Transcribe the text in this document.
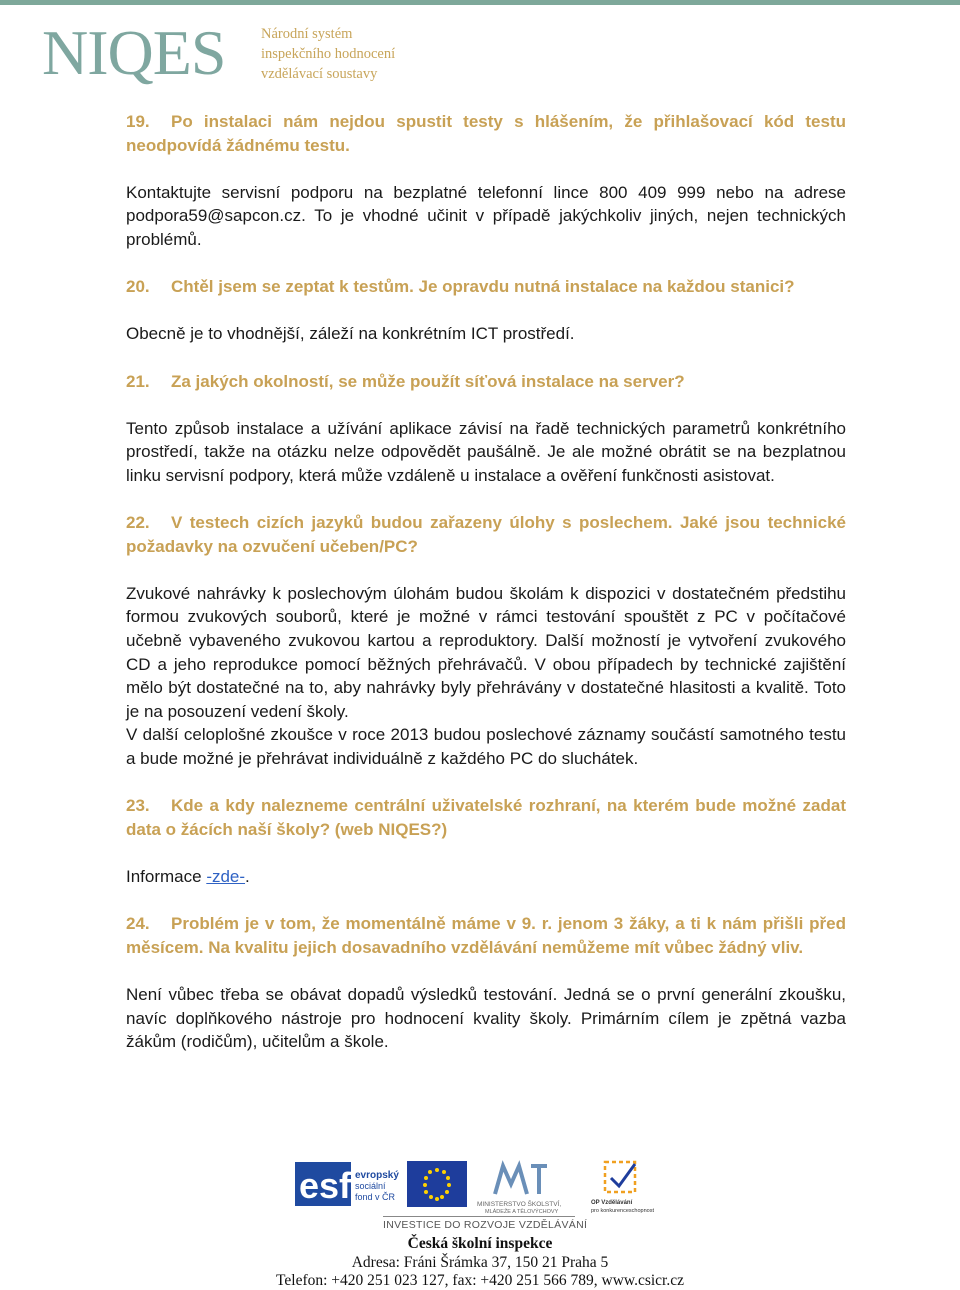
NIQES Národní systém
inspekčního hodnocení
vzdělávací soustavy

19. Po instalaci nám nejdou spustit testy s hlášením, že přihlašovací kód testu neodpovídá žádnému testu.

Kontaktujte servisní podporu na bezplatné telefonní lince 800 409 999 nebo na adrese podpora59@sapcon.cz. To je vhodné učinit v případě jakýchkoliv jiných, nejen technických problémů.

20. Chtěl jsem se zeptat k testům. Je opravdu nutná instalace na každou stanici?

Obecně je to vhodnější, záleží na konkrétním ICT prostředí.

21. Za jakých okolností, se může použít síťová instalace na server?

Tento způsob instalace a užívání aplikace závisí na řadě technických parametrů konkrétního prostředí, takže na otázku nelze odpovědět paušálně. Je ale možné obrátit se na bezplatnou linku servisní podpory, která může vzdáleně u instalace a ověření funkčnosti asistovat.

22. V testech cizích jazyků budou zařazeny úlohy s poslechem. Jaké jsou technické požadavky na ozvučení učeben/PC?

Zvukové nahrávky k poslechovým úlohám budou školám k dispozici v dostatečném předstihu formou zvukových souborů, které je možné v rámci testování spouštět z PC v počítačové učebně vybaveného zvukovou kartou a reproduktory. Další možností je vytvoření zvukového CD a jeho reprodukce pomocí běžných přehrávačů. V obou případech by technické zajištění mělo být dostatečné na to, aby nahrávky byly přehrávány v dostatečné hlasitosti a kvalitě. Toto je na posouzení vedení školy.

V další celoplošné zkoušce v roce 2013 budou poslechové záznamy součástí samotného testu a bude možné je přehrávat individuálně z každého PC do sluchátek.

23. Kde a kdy nalezneme centrální uživatelské rozhraní, na kterém bude možné zadat data o žácích naší školy? (web NIQES?)

Informace -zde-.

24. Problém je v tom, že momentálně máme v 9. r. jenom 3 žáky, a ti k nám přišli před měsícem. Na kvalitu jejich dosavadního vzdělávání nemůžeme mít vůbec žádný vliv.

Není vůbec třeba se obávat dopadů výsledků testování. Jedná se o první generální zkoušku, navíc doplňkového nástroje pro hodnocení kvality školy. Primárním cílem je zpětná vazba žákům (rodičům), učitelům a škole.

esf evropský
sociální
fond v ČR
MINISTERSTVO ŠKOLSTVÍ,
MLÁDEŽE A TĚLOVÝCHOVY
OP Vzdělávání
pro konkurenceschopnost
INVESTICE DO ROZVOJE VZDĚLÁVÁNÍ
Česká školní inspekce
Adresa: Fráni Šrámka 37, 150 21 Praha 5
Telefon: +420 251 023 127, fax: +420 251 566 789, www.csicr.cz
